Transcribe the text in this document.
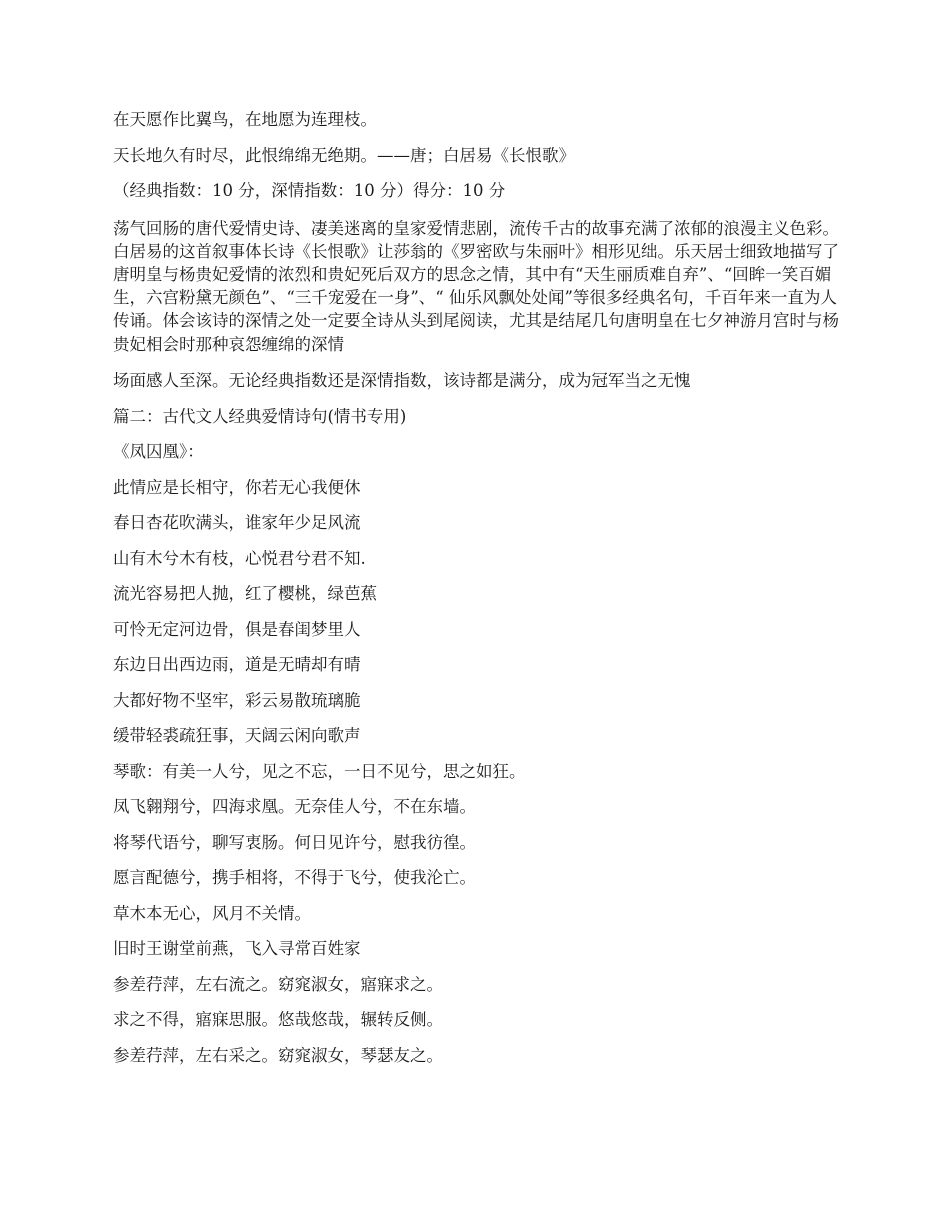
在天愿作比翼鸟，在地愿为连理枝。

天长地久有时尽，此恨绵绵无绝期。——唐；白居易《长恨歌》

（经典指数：10 分，深情指数：10 分）得分：10 分

荡气回肠的唐代爱情史诗、凄美迷离的皇家爱情悲剧，流传千古的故事充满了浓郁的浪漫主义色彩。白居易的这首叙事体长诗《长恨歌》让莎翁的《罗密欧与朱丽叶》相形见绌。乐天居士细致地描写了唐明皇与杨贵妃爱情的浓烈和贵妃死后双方的思念之情，其中有“天生丽质难自弃”、“回眸一笑百媚生，六宫粉黛无颜色”、“三千宠爱在一身”、“ 仙乐风飘处处闻”等很多经典名句，千百年来一直为人传诵。体会该诗的深情之处一定要全诗从头到尾阅读，尤其是结尾几句唐明皇在七夕神游月宫时与杨贵妃相会时那种哀怨缠绵的深情

场面感人至深。无论经典指数还是深情指数，该诗都是满分，成为冠军当之无愧

篇二：古代文人经典爱情诗句(情书专用)

《凤囚凰》：

此情应是长相守，你若无心我便休

春日杏花吹满头，谁家年少足风流

山有木兮木有枝，心悦君兮君不知.

流光容易把人抛，红了樱桃，绿芭蕉

可怜无定河边骨，俱是春闺梦里人

东边日出西边雨，道是无晴却有晴

大都好物不坚牢，彩云易散琉璃脆

缓带轻裘疏狂事，天阔云闲向歌声

琴歌：有美一人兮，见之不忘，一日不见兮，思之如狂。

凤飞翱翔兮，四海求凰。无奈佳人兮，不在东墙。

将琴代语兮，聊写衷肠。何日见许兮，慰我彷徨。

愿言配德兮，携手相将，不得于飞兮，使我沦亡。

草木本无心，风月不关情。

旧时王谢堂前燕，飞入寻常百姓家

参差荇萍，左右流之。窈窕淑女，寤寐求之。

求之不得，寤寐思服。悠哉悠哉，辗转反侧。

参差荇萍，左右采之。窈窕淑女，琴瑟友之。
